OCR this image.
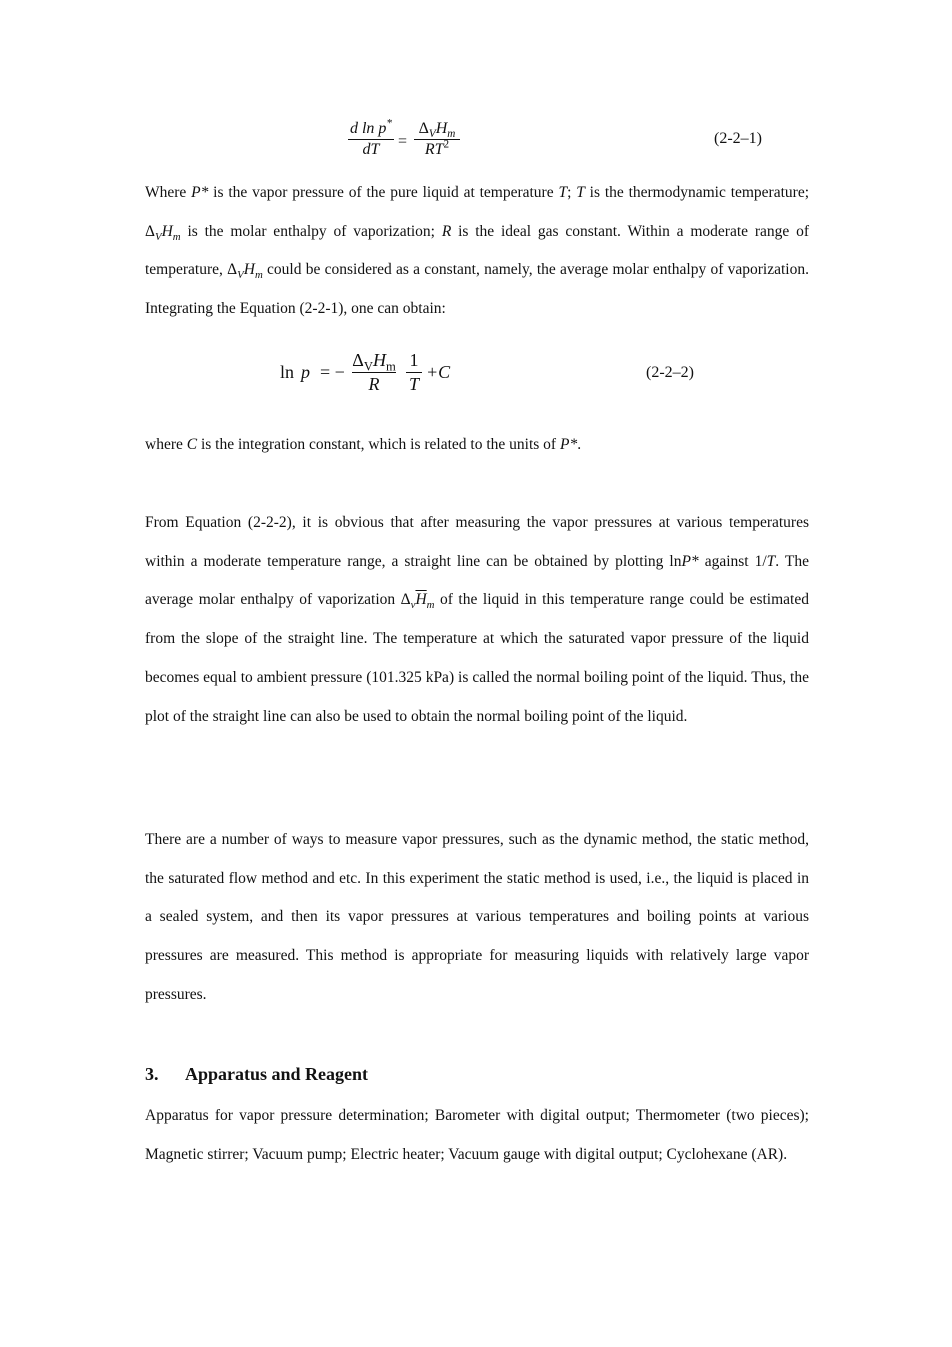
d ln p*
dT	=
$\Delta_VH_m$
$RT^2$	(2-2–1)

Where P* is the vapor pressure of the pure liquid at temperature T; T is the thermodynamic temperature; $\Delta_VH_m$ is the molar enthalpy of vaporization; R is the ideal gas constant. Within a moderate range of temperature, $\Delta_VH_m$ could be considered as a constant, namely, the average molar enthalpy of vaporization. Integrating the Equation (2-2-1), one can obtain:

ln p = −
$\Delta_VH_m$
R
1
T
+C	(2-2–2)

where C is the integration constant, which is related to the units of P*.

From Equation (2-2-2), it is obvious that after measuring the vapor pressures at various temperatures within a moderate temperature range, a straight line can be obtained by plotting lnP* against 1/T. The average molar enthalpy of vaporization $\Delta_v\overline{H}_m$ of the liquid in this temperature range could be estimated from the slope of the straight line. The temperature at which the saturated vapor pressure of the liquid becomes equal to ambient pressure (101.325 kPa) is called the normal boiling point of the liquid. Thus, the plot of the straight line can also be used to obtain the normal boiling point of the liquid.

There are a number of ways to measure vapor pressures, such as the dynamic method, the static method, the saturated flow method and etc. In this experiment the static method is used, i.e., the liquid is placed in a sealed system, and then its vapor pressures at various temperatures and boiling points at various pressures are measured. This method is appropriate for measuring liquids with relatively large vapor pressures.

3. Apparatus and Reagent

Apparatus for vapor pressure determination; Barometer with digital output; Thermometer (two pieces); Magnetic stirrer; Vacuum pump; Electric heater; Vacuum gauge with digital output; Cyclohexane (AR).
